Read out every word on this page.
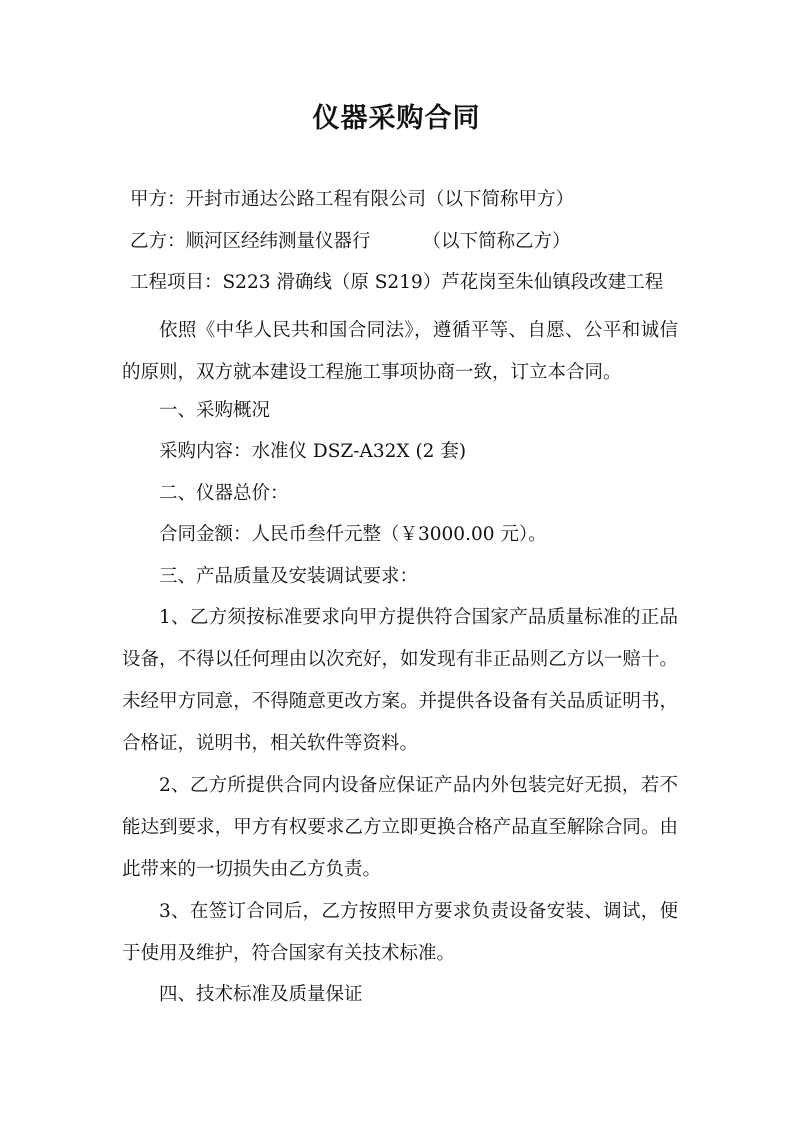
仪器采购合同
甲方：开封市通达公路工程有限公司（以下简称甲方）
乙方：顺河区经纬测量仪器行	（以下简称乙方）
工程项目：S223 滑确线（原 S219）芦花岗至朱仙镇段改建工程

依照《中华人民共和国合同法》，遵循平等、自愿、公平和诚信的原则，双方就本建设工程施工事项协商一致，订立本合同。

一、采购概况
采购内容：水准仪 DSZ-A32X (2 套)
二、仪器总价：
合同金额：人民币叁仟元整（￥3000.00 元）。
三、产品质量及安装调试要求：

1、乙方须按标准要求向甲方提供符合国家产品质量标准的正品设备，不得以任何理由以次充好，如发现有非正品则乙方以一赔十。未经甲方同意，不得随意更改方案。并提供各设备有关品质证明书，合格证，说明书，相关软件等资料。

2、乙方所提供合同内设备应保证产品内外包装完好无损，若不能达到要求，甲方有权要求乙方立即更换合格产品直至解除合同。由此带来的一切损失由乙方负责。

3、在签订合同后，乙方按照甲方要求负责设备安装、调试，便于使用及维护，符合国家有关技术标准。

四、技术标准及质量保证
